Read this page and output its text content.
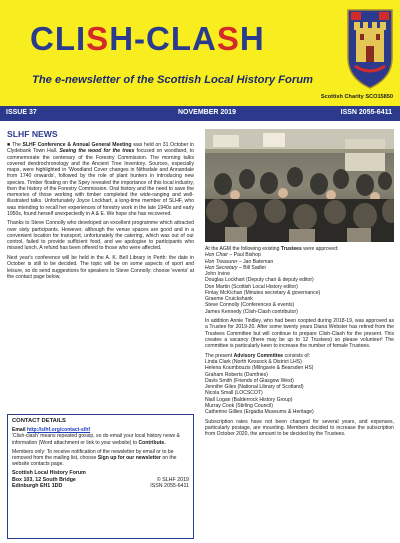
CLISH-CLASH
The e-newsletter of the Scottish Local History Forum
Scottish Charity SCO15850
ISSUE 37	NOVEMBER 2019	ISSN 2055-6411
SLHF NEWS

■ The SLHF Conference & Annual General Meeting was held on 31 October in Clydebank Town Hall. Seeing the wood for the trees focused on woodland, to commemorate the centenary of the Forestry Commission. The morning talks covered dendrochronology and the Ancient Tree Inventory. Sources, especially maps, were highlighted in 'Woodland Cover changes in Nithsdale and Annandale from 1740 onwards', followed by the role of plant hunters in introducing new species. Timber floating on the Spey revealed the importance of this local industry, then the history of the Forestry Commission. Oral history and the need to save the memories of those working with timber completed the wide-ranging and well-illustrated talks. Unfortunately Joyce Lockhart, a long-time member of SLHF, who was intending to recall her experiences of forestry work in the late 1940s and early 1950s, found herself unexpectedly in A & E. We hope she has recovered.

Thanks to Steve Connolly who developed an excellent programme which attracted over sixty participants. However, although the venue spaces are good and in a convenient location for transport, unfortunately the catering, which was out of our control, failed to provide sufficient food, and we apologise to participants who missed lunch. A refund has been offered to those who were affected.

Next year's conference will be held in the A. K. Bell Library in Perth: the date in October is still to be decided. The topic will be on some aspects of sport and leisure, so do send suggestions for speakers to Steve Connolly: choose 'events' at the contact page below.

CONTACT DETAILS

Email http://slhf.org/contact-slhf
'Clish-clash' means repeated gossip, so do email your local history news & information (Word attachment or link to your website) to Contribute.

Members only: To receive notification of the newsletter by email or to be removed from the mailing list, choose Sign up for our newsletter on the website contacts page.

Scottish Local History Forum
Box 103, 12 South Bridge	© SLHF 2019
Edinburgh EH1 1DD	ISSN 2055-6411

At the AGM the following existing Trustees were approved:

Hon Chair – Paul Bishop
Hon Treasurer – Jan Bateman
Hon Secretary – Bill Sadler
John Irvine
Douglas Lockhart (Deputy chair & deputy editor)
Don Martin (Scottish Local History editor)
Finlay McKichan (Minutes secretary & governance)
Graeme Cruickshank
Steve Connolly (Conferences & events)
James Kennedy (Clish-Clash contributor)

In addition Annie Tindley, who had been coopted during 2018-19, was approved as a Trustee for 2019-20. After some twenty years Diana Webster has retired from the Trustees Committee but will continue to prepare Clish-Clash for the present. This creates a vacancy (there may be up to 12 Trustees) so please volunteer! The committee is particularly keen to increase the number of female Trustees.

The present Advisory Committee consists of:
Linda Clark (North Kessock & District LHS)
Helena Koumbouzis (Milngavie & Bearsden HS)
Graham Roberts (Dumfries)
Davis Smith (Friends of Glasgow West)
Jennifer Giles (National Library of Scotland)
Nicola Small (LOCSCOT)
Niall Logan (Balderrock History Group)
Murray Cook (Stirling Council)
Catherine Gillies (Ergadia Museums & Heritage)

Subscription rates have not been changed for several years, and expenses, particularly postage, are mounting. Members decided to increase the subscription from October 2020, the amount to be decided by the Trustees.
